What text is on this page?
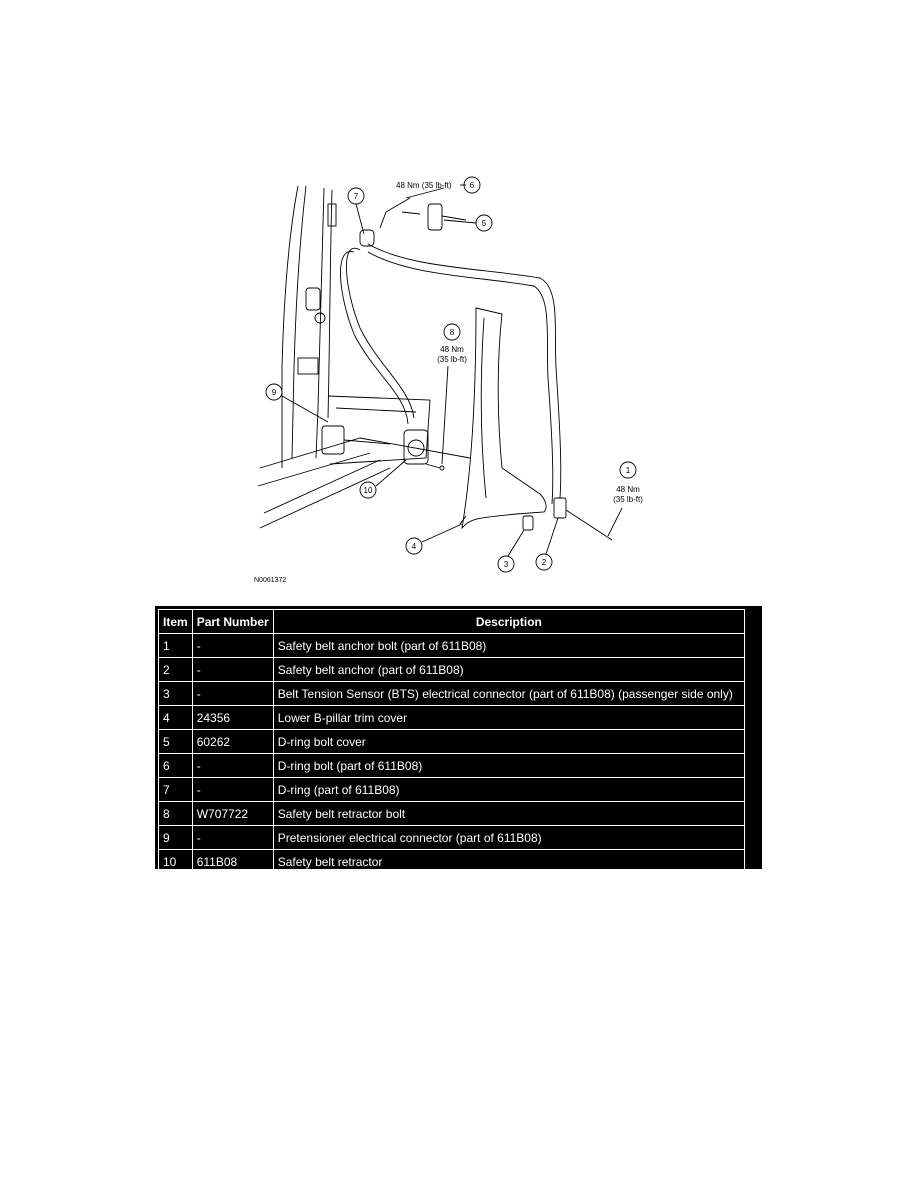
7
48 Nm (35 lb-ft) 6
5
8
48 Nm
(35 lb-ft)
9
10
1
48 Nm
(35 lb-ft)
4
3	2
N0061372
Item	Part Number	Description
1	-	Safety belt anchor bolt (part of 611B08)
2	-	Safety belt anchor (part of 611B08)
3	-	Belt Tension Sensor (BTS) electrical connector (part of 611B08) (passenger side only)
4	24356	Lower B-pillar trim cover
5	60262	D-ring bolt cover
6	-	D-ring bolt (part of 611B08)
7	-	D-ring (part of 611B08)
8	W707722	Safety belt retractor bolt
9	-	Pretensioner electrical connector (part of 611B08)
10	611B08	Safety belt retractor
